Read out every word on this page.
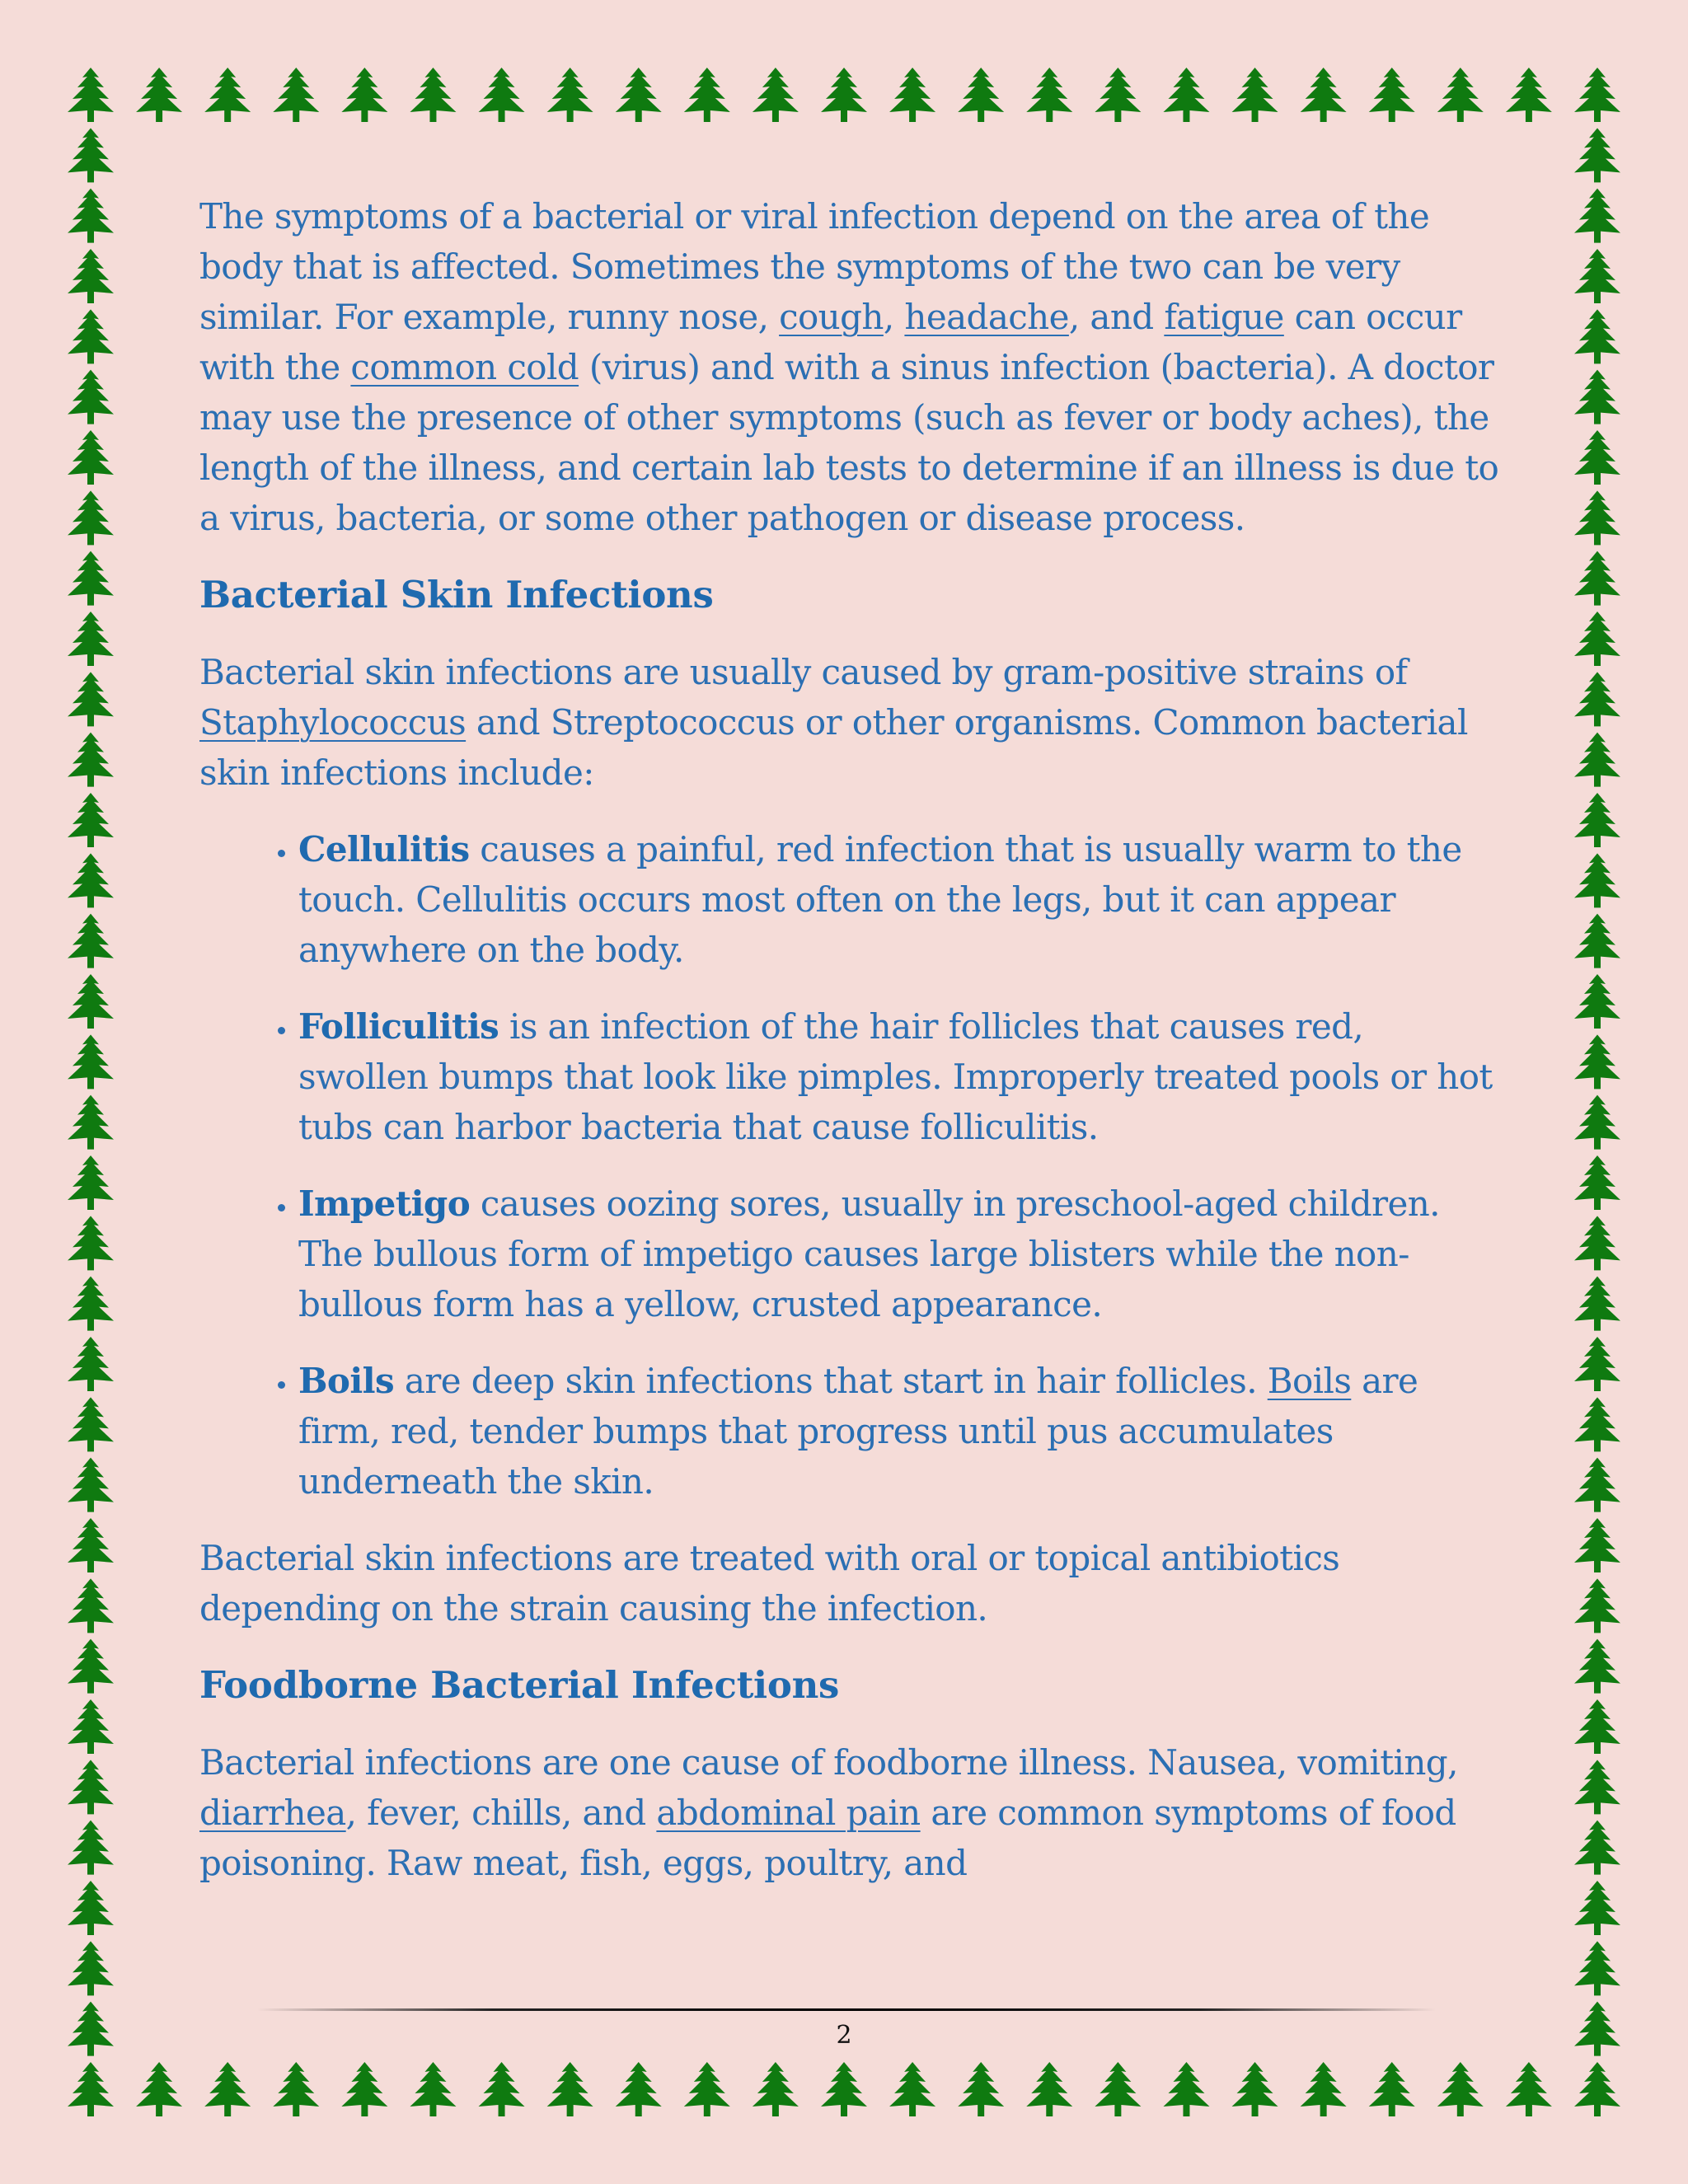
The symptoms of a bacterial or viral infection depend on the area of the body that is affected. Sometimes the symptoms of the two can be very similar. For example, runny nose, cough, headache, and fatigue can occur with the common cold (virus) and with a sinus infection (bacteria). A doctor may use the presence of other symptoms (such as fever or body aches), the length of the illness, and certain lab tests to determine if an illness is due to a virus, bacteria, or some other pathogen or disease process.

Bacterial Skin Infections

Bacterial skin infections are usually caused by gram-positive strains of Staphylococcus and Streptococcus or other organisms. Common bacterial skin infections include:

• Cellulitis causes a painful, red infection that is usually warm to the touch. Cellulitis occurs most often on the legs, but it can appear anywhere on the body.
• Folliculitis is an infection of the hair follicles that causes red, swollen bumps that look like pimples. Improperly treated pools or hot tubs can harbor bacteria that cause folliculitis.
• Impetigo causes oozing sores, usually in preschool-aged children. The bullous form of impetigo causes large blisters while the non-bullous form has a yellow, crusted appearance.
• Boils are deep skin infections that start in hair follicles. Boils are firm, red, tender bumps that progress until pus accumulates underneath the skin.

Bacterial skin infections are treated with oral or topical antibiotics depending on the strain causing the infection.

Foodborne Bacterial Infections

Bacterial infections are one cause of foodborne illness. Nausea, vomiting, diarrhea, fever, chills, and abdominal pain are common symptoms of food poisoning. Raw meat, fish, eggs, poultry, and

2
